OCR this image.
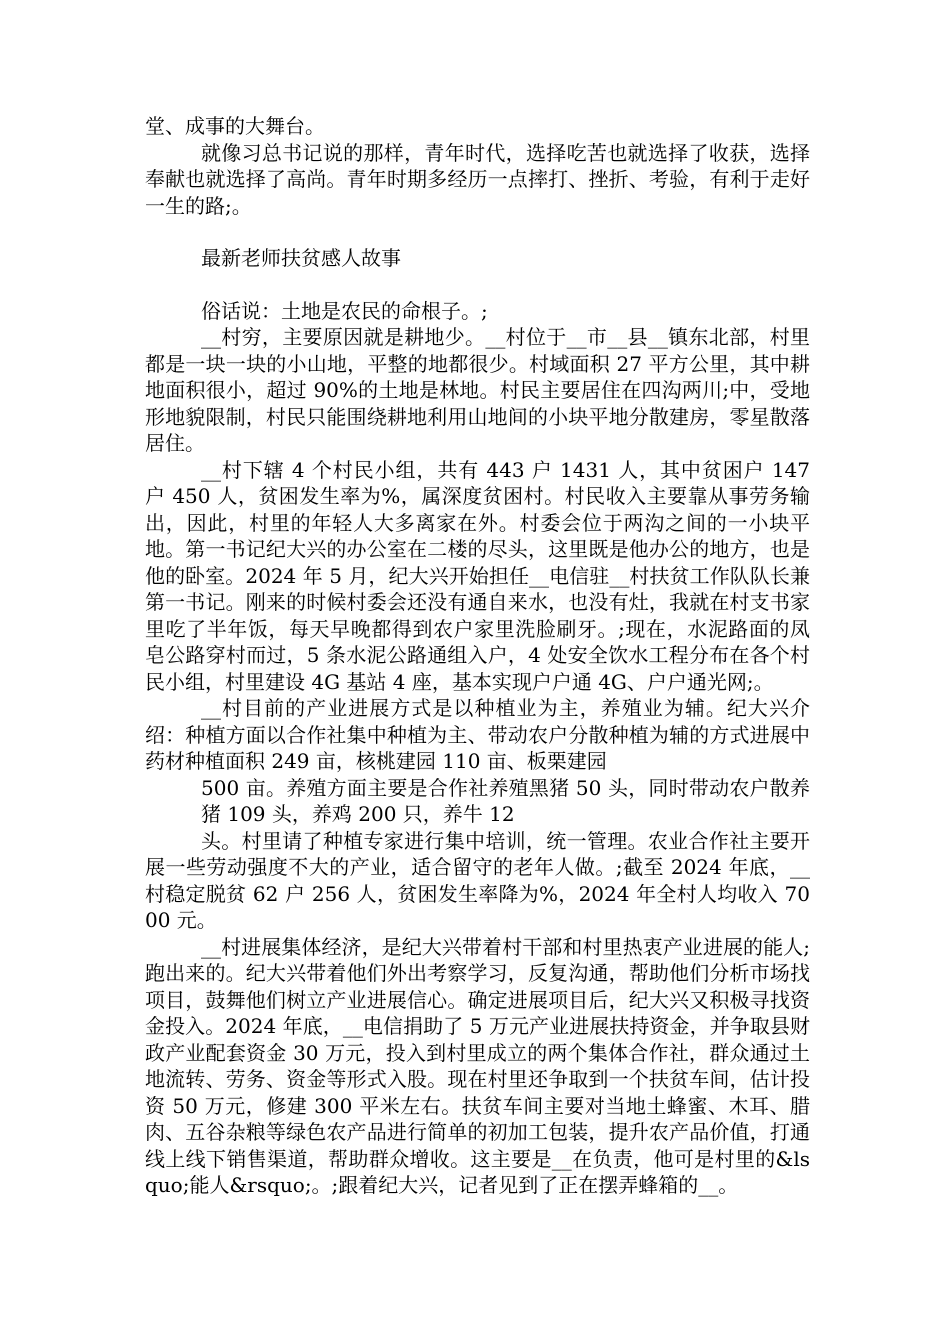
堂、成事的大舞台。

就像习总书记说的那样，青年时代，选择吃苦也就选择了收获，选择奉献也就选择了高尚。青年时期多经历一点摔打、挫折、考验，有利于走好一生的路;。

最新老师扶贫感人故事

俗话说：土地是农民的命根子。;

__村穷，主要原因就是耕地少。__村位于__市__县__镇东北部，村里都是一块一块的小山地，平整的地都很少。村域面积 27 平方公里，其中耕地面积很小，超过 90%的土地是林地。村民主要居住在四沟两川;中，受地形地貌限制，村民只能围绕耕地利用山地间的小块平地分散建房，零星散落居住。

__村下辖 4 个村民小组，共有 443 户 1431 人，其中贫困户 147 户 450 人，贫困发生率为%，属深度贫困村。村民收入主要靠从事劳务输出，因此，村里的年轻人大多离家在外。村委会位于两沟之间的一小块平地。第一书记纪大兴的办公室在二楼的尽头，这里既是他办公的地方，也是他的卧室。2024 年 5 月，纪大兴开始担任__电信驻__村扶贫工作队队长兼第一书记。刚来的时候村委会还没有通自来水，也没有灶，我就在村支书家里吃了半年饭，每天早晚都得到农户家里洗脸刷牙。;现在，水泥路面的凤皂公路穿村而过，5 条水泥公路通组入户，4 处安全饮水工程分布在各个村民小组，村里建设 4G 基站 4 座，基本实现户户通 4G、户户通光网;。

__村目前的产业进展方式是以种植业为主，养殖业为辅。纪大兴介绍：种植方面以合作社集中种植为主、带动农户分散种植为辅的方式进展中药材种植面积 249 亩，核桃建园 110 亩、板栗建园

500 亩。养殖方面主要是合作社养殖黑猪 50 头，同时带动农户散养猪 109 头，养鸡 200 只，养牛 12

头。村里请了种植专家进行集中培训，统一管理。农业合作社主要开展一些劳动强度不大的产业，适合留守的老年人做。;截至 2024 年底，__村稳定脱贫 62 户 256 人，贫困发生率降为%，2024 年全村人均收入 7000 元。

__村进展集体经济，是纪大兴带着村干部和村里热衷产业进展的能人;跑出来的。纪大兴带着他们外出考察学习，反复沟通，帮助他们分析市场找项目，鼓舞他们树立产业进展信心。确定进展项目后，纪大兴又积极寻找资金投入。2024 年底，__电信捐助了 5 万元产业进展扶持资金，并争取县财政产业配套资金 30 万元，投入到村里成立的两个集体合作社，群众通过土地流转、劳务、资金等形式入股。现在村里还争取到一个扶贫车间，估计投资 50 万元，修建 300 平米左右。扶贫车间主要对当地土蜂蜜、木耳、腊肉、五谷杂粮等绿色农产品进行简单的初加工包装，提升农产品价值，打通线上线下销售渠道，帮助群众增收。这主要是__在负责，他可是村里的&lsquo;能人&rsquo;。;跟着纪大兴，记者见到了正在摆弄蜂箱的__。
